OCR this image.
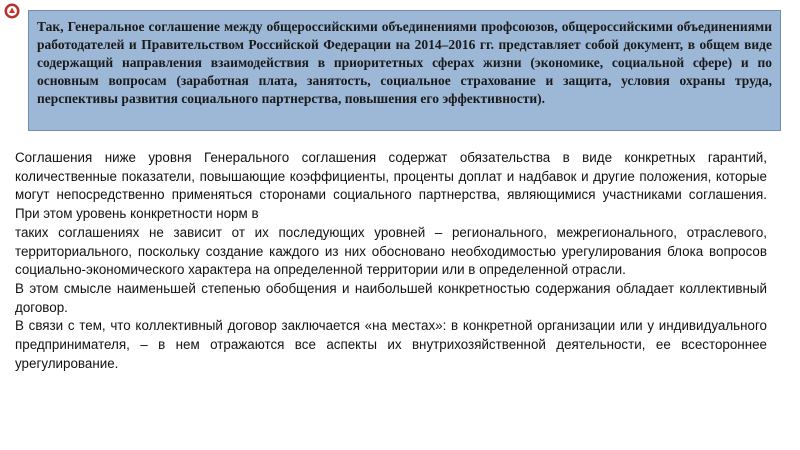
Так, Генеральное соглашение между общероссийскими объединениями профсоюзов, общероссийскими объединениями работодателей и Правительством Российской Федерации на 2014–2016 гг. представляет собой документ, в общем виде содержащий направления взаимодействия в приоритетных сферах жизни (экономике, социальной сфере) и по основным вопросам (заработная плата, занятость, социальное страхование и защита, условия охраны труда, перспективы развития социального партнерства, повышения его эффективности).

Соглашения ниже уровня Генерального соглашения содержат обязательства в виде конкретных гарантий, количественные показатели, повышающие коэффициенты, проценты доплат и надбавок и другие положения, которые могут непосредственно применяться сторонами социального партнерства, являющимися участниками соглашения. При этом уровень конкретности норм в

таких соглашениях не зависит от их последующих уровней – регионального, межрегионального, отраслевого, территориального, поскольку создание каждого из них обосновано необходимостью урегулирования блока вопросов социально-экономического характера на определенной территории или в определенной отрасли.

В этом смысле наименьшей степенью обобщения и наибольшей конкретностью содержания обладает коллективный договор.

В связи с тем, что коллективный договор заключается «на местах»: в конкретной организации или у индивидуального предпринимателя, – в нем отражаются все аспекты их внутрихозяйственной деятельности, ее всестороннее урегулирование.
